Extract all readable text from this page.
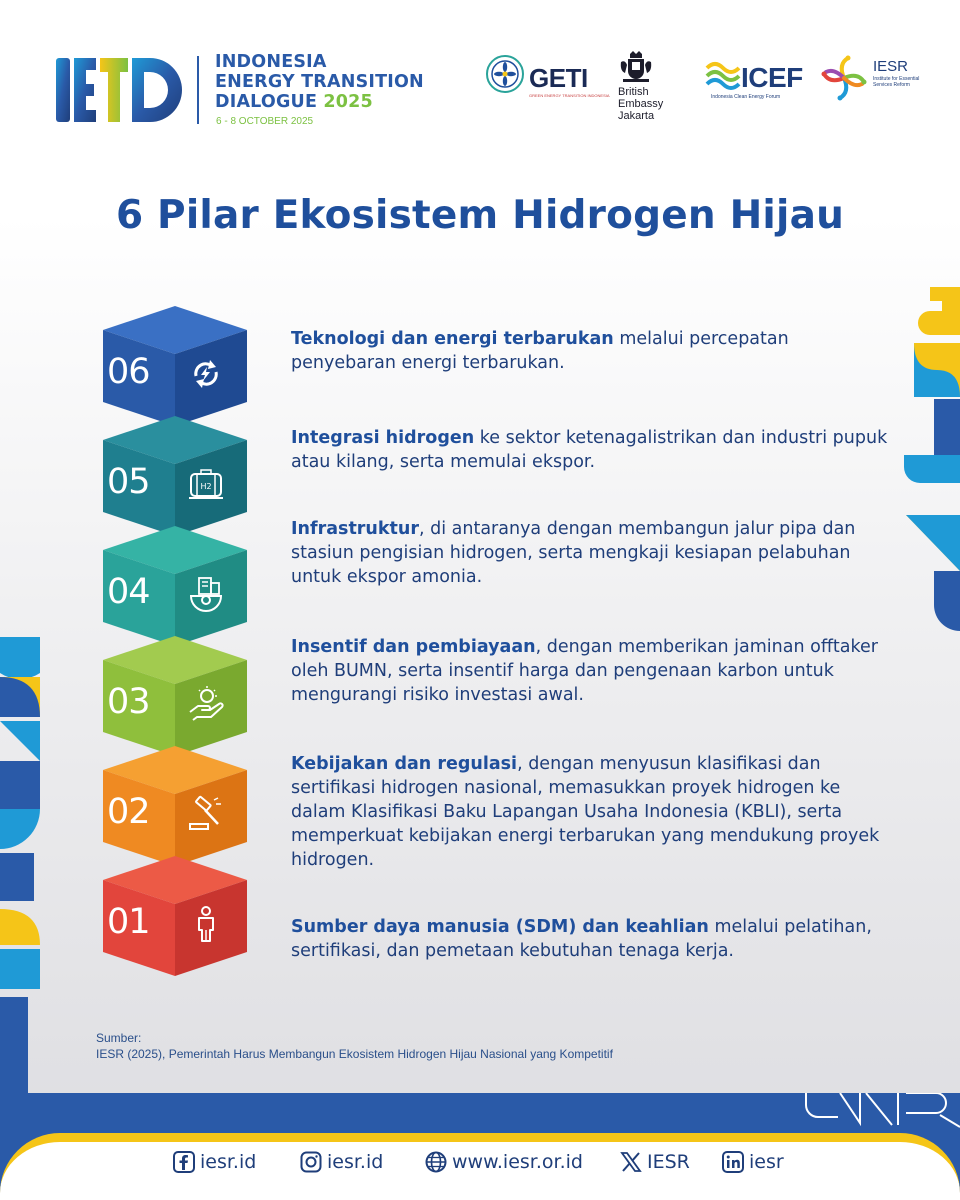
INDONESIA
ENERGY TRANSITION
DIALOGUE 2025
6 - 8 OCTOBER 2025
GETI
GREEN ENERGY TRANSITION INDONESIA British Embassy
Jakarta
ICEF
Indonesia Clean Energy Forum
IESR
Institute for Essential Services Reform
6 Pilar Ekosistem Hidrogen Hijau
06
05	H2
04
03
02
01

Teknologi dan energi terbarukan melalui percepatan penyebaran energi terbarukan.

Integrasi hidrogen ke sektor ketenagalistrikan dan industri pupuk atau kilang, serta memulai ekspor.

Infrastruktur, di antaranya dengan membangun jalur pipa dan stasiun pengisian hidrogen, serta mengkaji kesiapan pelabuhan untuk ekspor amonia.

Insentif dan pembiayaan, dengan memberikan jaminan offtaker oleh BUMN, serta insentif harga dan pengenaan karbon untuk mengurangi risiko investasi awal.

Kebijakan dan regulasi, dengan menyusun klasifikasi dan sertifikasi hidrogen nasional, memasukkan proyek hidrogen ke dalam Klasifikasi Baku Lapangan Usaha Indonesia (KBLI), serta memperkuat kebijakan energi terbarukan yang mendukung proyek hidrogen.

Sumber daya manusia (SDM) dan keahlian melalui pelatihan, sertifikasi, dan pemetaan kebutuhan tenaga kerja.

Sumber:
IESR (2025), Pemerintah Harus Membangun Ekosistem Hidrogen Hijau Nasional yang Kompetitif
iesr.id	iesr.id	www.iesr.or.id	IESR	iesr
